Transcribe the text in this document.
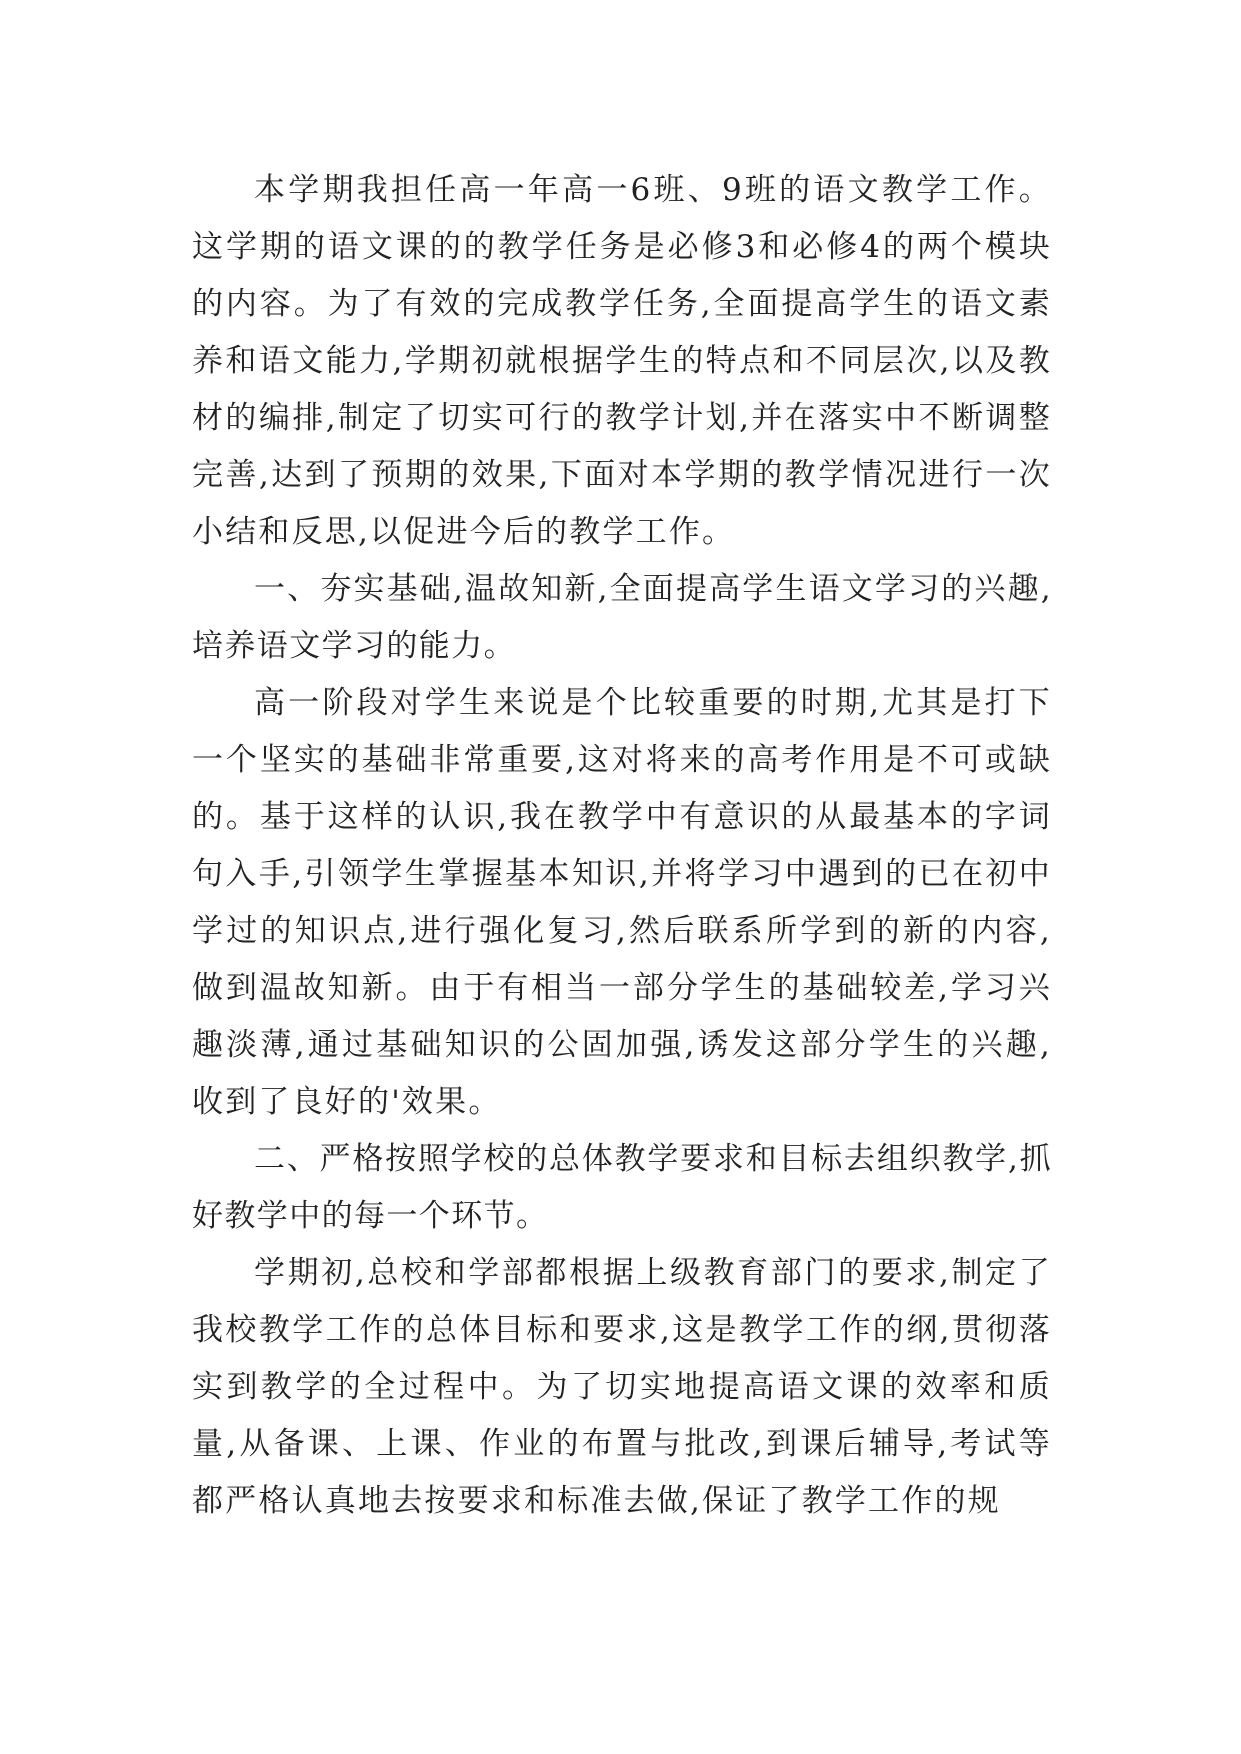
本学期我担任高一年高一6班、9班的语文教学工作。这学期的语文课的的教学任务是必修3和必修4的两个模块的内容。为了有效的完成教学任务,全面提高学生的语文素养和语文能力,学期初就根据学生的特点和不同层次,以及教材的编排,制定了切实可行的教学计划,并在落实中不断调整完善,达到了预期的效果,下面对本学期的教学情况进行一次小结和反思,以促进今后的教学工作。

一、夯实基础,温故知新,全面提高学生语文学习的兴趣,培养语文学习的能力。

高一阶段对学生来说是个比较重要的时期,尤其是打下一个坚实的基础非常重要,这对将来的高考作用是不可或缺的。基于这样的认识,我在教学中有意识的从最基本的字词句入手,引领学生掌握基本知识,并将学习中遇到的已在初中学过的知识点,进行强化复习,然后联系所学到的新的内容,做到温故知新。由于有相当一部分学生的基础较差,学习兴趣淡薄,通过基础知识的公固加强,诱发这部分学生的兴趣,收到了良好的'效果。

二、严格按照学校的总体教学要求和目标去组织教学,抓好教学中的每一个环节。

学期初,总校和学部都根据上级教育部门的要求,制定了我校教学工作的总体目标和要求,这是教学工作的纲,贯彻落实到教学的全过程中。为了切实地提高语文课的效率和质量,从备课、上课、作业的布置与批改,到课后辅导,考试等都严格认真地去按要求和标准去做,保证了教学工作的规
